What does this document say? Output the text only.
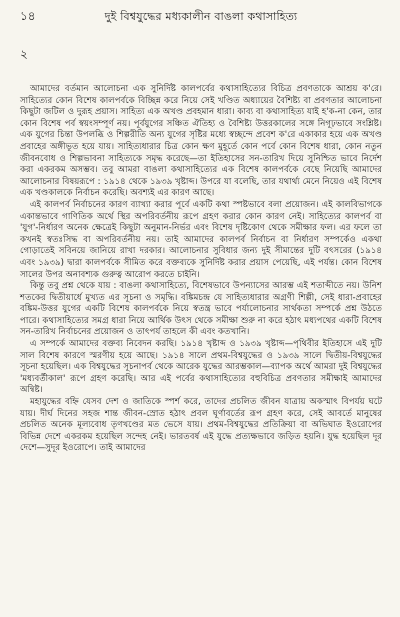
১৪	দুই বিশ্বযুদ্ধের মধ্যকালীন বাঙলা কথাসাহিত্য
২

আমাদের বর্তমান আলোচনা এক সুনির্দিষ্ট কালপর্বের কথাসাহিত্যের বিচিত্র প্রবণতাকে আশ্রয় ক'রে। সাহিত্যের কোন বিশেষ কালপর্বকে বিচ্ছিন্ন করে নিয়ে সেই খণ্ডিত অধ্যায়ের বৈশিষ্ট্য বা প্রবণতার আলোচনা কিছুটা জটিল ও দুরূহ প্রয়াস। সাহিত্য এক অখণ্ড প্রবহমান ধারা। কাব্য বা কথাসাহিত্য যাই হ'ক-না কেন, তার কোন বিশেষ পর্ব স্বয়ংসম্পূর্ণ নয়। পূর্বযুগের সঞ্চিত ঐতিহ্য ও বৈশিষ্ট্য উত্তরকালের সঙ্গে নিগূঢ়ভাবে সংশ্লিষ্ট। এক যুগের চিন্তা উপলব্ধি ও শিল্পরীতি অন্য যুগের সৃষ্টির মধ্যে স্বচ্ছন্দে প্রবেশ ক'রে একাকার হয়ে এক অখণ্ড প্রবাহের অঙ্গীভূত হয়ে যায়। সাহিত্যধারার চিত্র কোন ক্ষণ মুহূর্তে কোন পর্বে কোন বিশেষ ধারা, কোন নতুন জীবনবোধ ও শিল্পভাবনা সাহিত্যকে সমৃদ্ধ করেছে—তা ইতিহাসের সন-তারিখ দিয়ে সুনিশ্চিত ভাবে নির্দেশ করা একরকম অসম্ভব। তবু আমরা বাঙলা কথাসাহিত্যের এক বিশেষ কালপর্বকে বেছে নিয়েছি আমাদের আলোচনার বিষয়রূপে : ১৯১৪ থেকে ১৯৩৯ খৃষ্টাব্দ। উপরে যা বলেছি, তার যথার্থ্য মেনে নিয়েও এই বিশেষ এক খণ্ডকালকে নির্বাচন করেছি। অবশ্যই এর কারণ আছে।

এই কালপর্ব নির্বাচনের কারণ ব্যাখ্যা করার পূর্বে একটি কথা স্পষ্টভাবে বলা প্রয়োজন। এই কালবিভাগকে একান্তভাবে গাণিতিক অর্থে স্থির অপরিবর্তনীয় রূপে গ্রহণ করার কোন কারণ নেই। সাহিত্যের কালপর্ব বা 'যুগ'-নির্ধারণ অনেক ক্ষেত্রেই কিছুটা অনুমান-নির্ভর এবং বিশেষ দৃষ্টিকোণ থেকে সমীক্ষার ফল। এর ফলে তা কখনই স্বতঃসিদ্ধ বা অপরিবর্তনীয় নয়। তাই আমাদের কালপর্ব নির্বাচন বা নির্ধারণ সম্পর্কেও একথা গোড়াতেই সবিনয়ে জানিয়ে রাখা দরকার। আলোচনার সুবিধার জন্য দুই সীমান্তের দুটি বৎসরের (১৯১৪ এবং ১৯৩৯) দ্বারা কালপর্বকে সীমিত করে বক্তব্যকে সুনির্দিষ্ট করার প্রয়াস পেয়েছি, এই পর্যন্ত। কোন বিশেষ সালের উপর অনাবশ্যক গুরুত্ব আরোপ করতে চাইনি।

কিন্তু তবু প্রশ্ন থেকে যায় : বাঙলা কথাসাহিত্যে, বিশেষভাবে উপন্যাসের আরম্ভ এই শতাব্দীতে নয়। উনিশ শতকের দ্বিতীয়ার্ধে মুখ্যত এর সূচনা ও সমৃদ্ধি। বঙ্কিমচন্দ্র যে সাহিত্যধারার অগ্রণী শিল্পী, সেই ধারা-প্রবাহের বঙ্কিম-উত্তর যুগের একটি বিশেষ কালপর্বকে নিয়ে স্বতন্ত্র ভাবে পর্যালোচনার সার্থকতা সম্পর্কে প্রশ্ন উঠতে পারে। কথাসাহিত্যের সমগ্র ধারা নিয়ে আর্থিক উৎস থেকে সমীক্ষা শুরু না করে হঠাৎ মধ্যপথের একটি বিশেষ সন-তারিখ নির্বাচনের প্রয়োজন ও তাৎপর্য তাহলে কী এবং কতখানি।

এ সম্পর্কে আমাদের বক্তব্য নিবেদন করছি। ১৯১৪ খৃষ্টাব্দ ও ১৯৩৯ খৃষ্টাব্দ—পৃথিবীর ইতিহাসে এই দুটি সাল বিশেষ কারণে স্মরণীয় হয়ে আছে। ১৯১৪ সালে প্রথম-বিশ্বযুদ্ধের ও ১৯৩৯ সালে দ্বিতীয়-বিশ্বযুদ্ধের সূচনা হয়েছিল। এক বিশ্বযুদ্ধের সূচনাপর্ব থেকে আরেক যুদ্ধের আরম্ভকাল—ব্যাপক অর্থে আমরা দুই বিশ্বযুদ্ধের 'মধ্যবর্তীকাল' রূপে গ্রহণ করেছি। আর এই পর্বের কথাসাহিত্যের বহুবিচিত্র প্রবণতার সমীক্ষাই আমাদের অন্বিষ্ট।

মহাযুদ্ধের বহ্নি যেসব দেশ ও জাতিকে স্পর্শ করে, তাদের প্রচলিত জীবন যাত্রায় অকস্মাৎ বিপর্যয় ঘটে যায়। দীর্ঘ দিনের সহজ শান্ত জীবন-স্রোত হঠাৎ প্রবল ঘূর্ণাবর্তের রূপ গ্রহণ করে, সেই আবর্তে মানুষের প্রচলিত অনেক মূল্যবোধ তৃণখণ্ডের মত ভেসে যায়। প্রথম-বিশ্বযুদ্ধের প্রতিক্রিয়া বা অভিঘাত ইওরোপের বিভিন্ন দেশে একরকম হয়েছিল সন্দেহ নেই। ভারতবর্ষ এই যুদ্ধে প্রত্যক্ষভাবে জড়িত হয়নি। যুদ্ধ হয়েছিল দূর দেশে—সুদূর ইওরোপে। তাই আমাদের
